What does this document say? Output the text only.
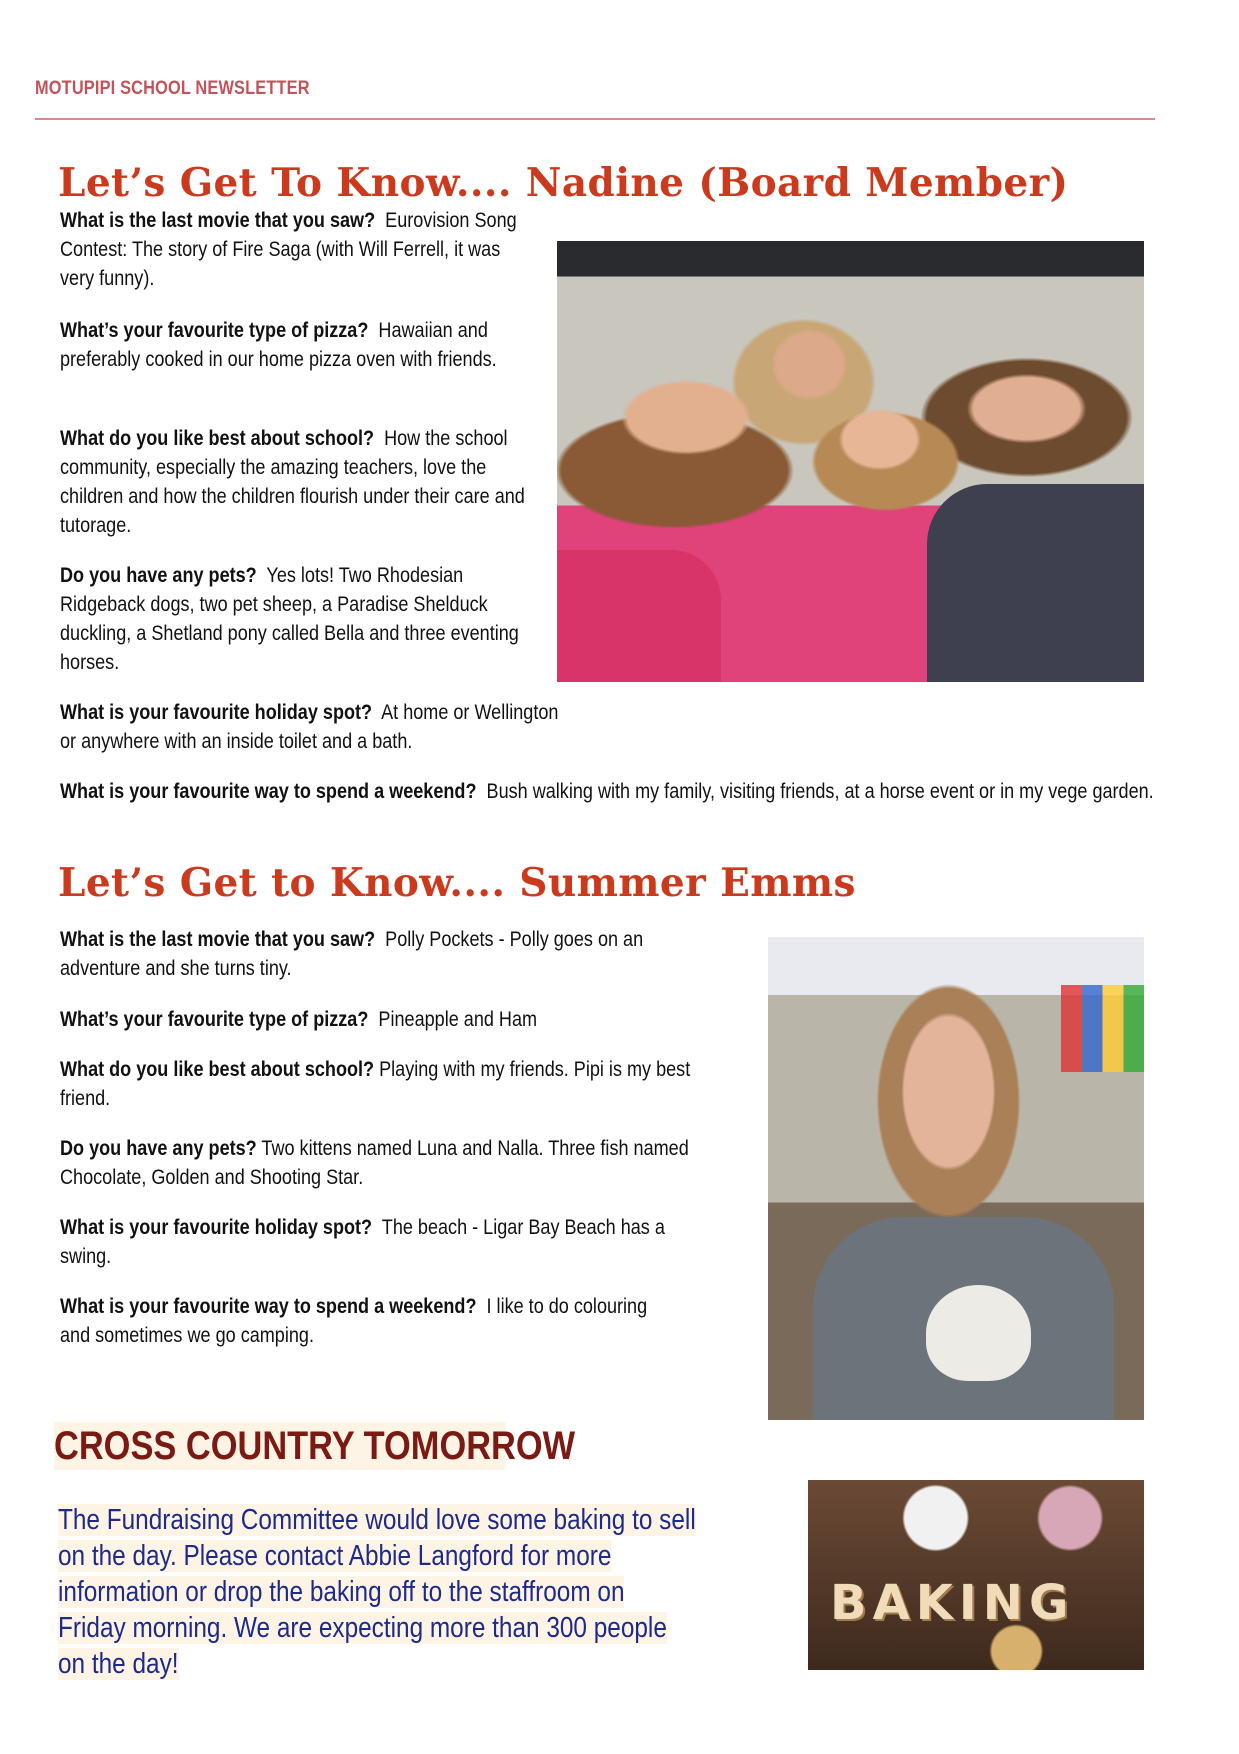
MOTUPIPI SCHOOL NEWSLETTER
Let’s Get To Know.... Nadine (Board Member)

What is the last movie that you saw? Eurovision Song Contest: The story of Fire Saga (with Will Ferrell, it was very funny).

What’s your favourite type of pizza? Hawaiian and preferably cooked in our home pizza oven with friends.

What do you like best about school? How the school community, especially the amazing teachers, love the children and how the children flourish under their care and tutorage.

Do you have any pets? Yes lots! Two Rhodesian Ridgeback dogs, two pet sheep, a Paradise Shelduck duckling, a Shetland pony called Bella and three eventing horses.

What is your favourite holiday spot? At home or Wellington or anywhere with an inside toilet and a bath.

What is your favourite way to spend a weekend? Bush walking with my family, visiting friends, at a horse event or in my vege garden.

Let’s Get to Know.... Summer Emms

What is the last movie that you saw? Polly Pockets - Polly goes on an adventure and she turns tiny.

What’s your favourite type of pizza? Pineapple and Ham

What do you like best about school? Playing with my friends. Pipi is my best friend.

Do you have any pets? Two kittens named Luna and Nalla. Three fish named Chocolate, Golden and Shooting Star.

What is your favourite holiday spot? The beach - Ligar Bay Beach has a swing.

What is your favourite way to spend a weekend? I like to do colouring and sometimes we go camping.

CROSS COUNTRY TOMORROW

The Fundraising Committee would love some baking to sell on the day. Please contact Abbie Langford for more information or drop the baking off to the staffroom on Friday morning. We are expecting more than 300 people on the day!

BAKING
